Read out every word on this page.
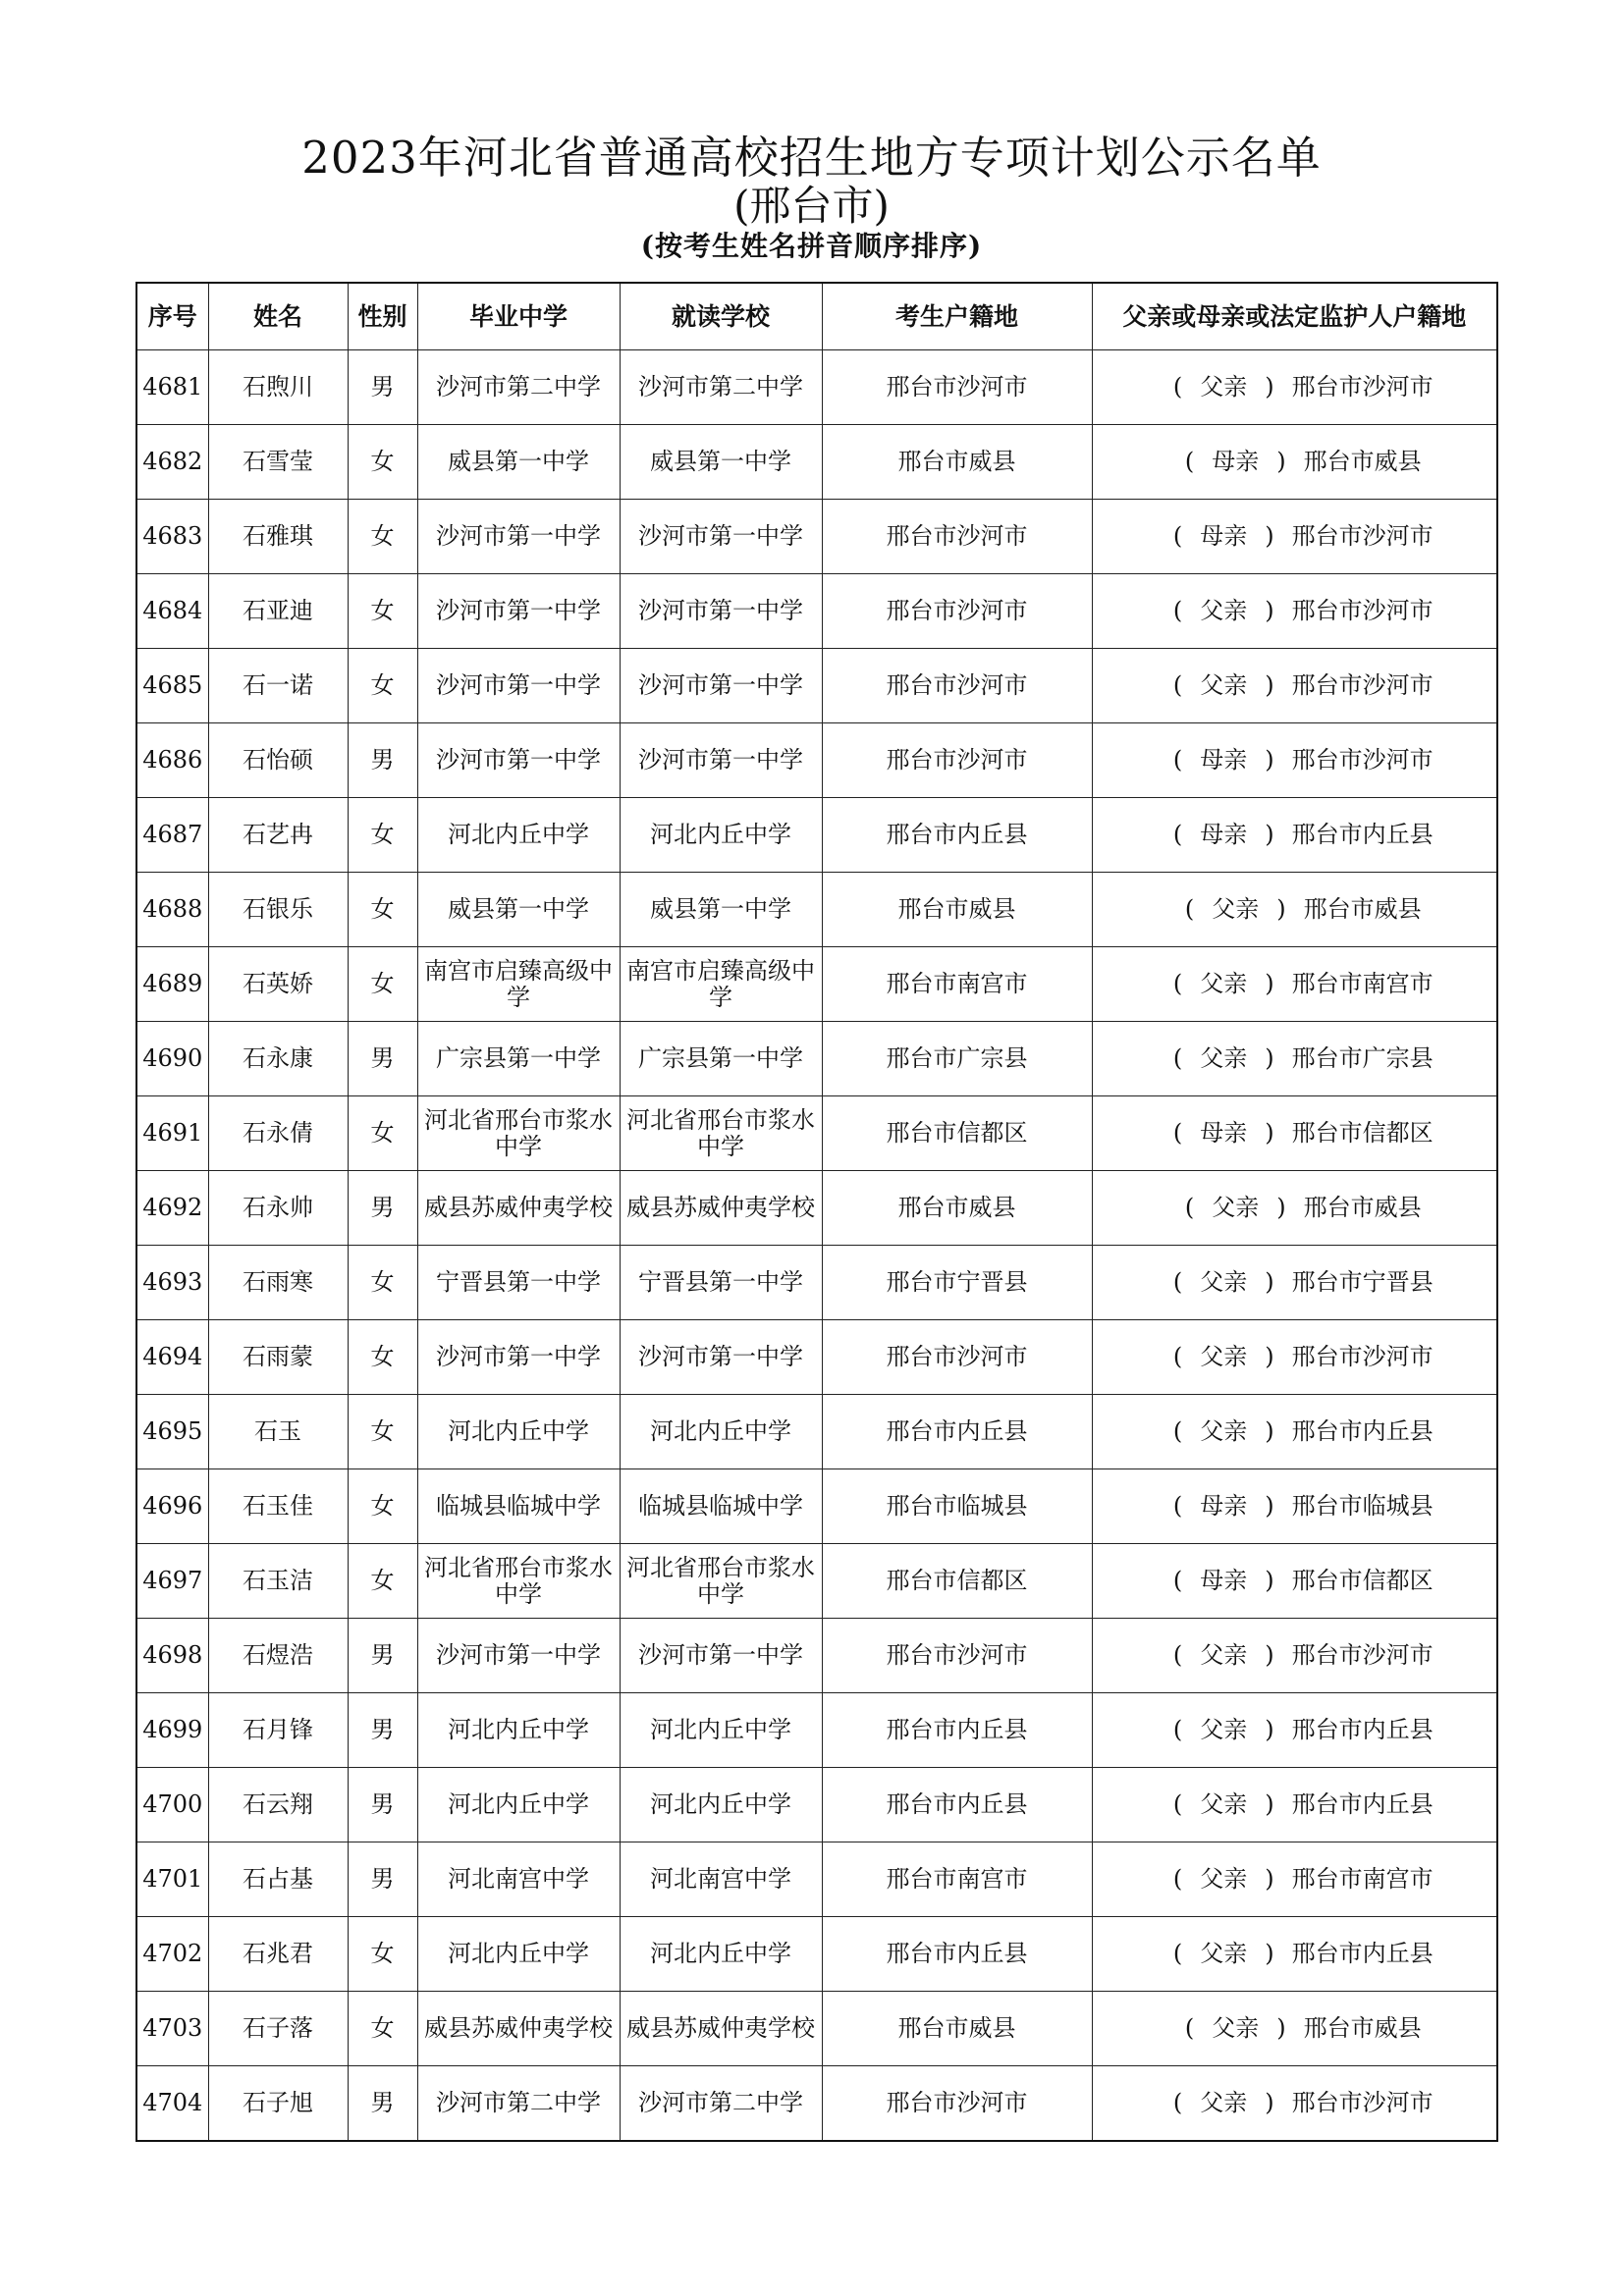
2023年河北省普通高校招生地方专项计划公示名单
(邢台市)
(按考生姓名拼音顺序排序)
序号	姓名	性别	毕业中学	就读学校	考生户籍地	父亲或母亲或法定监护人户籍地
4681	石煦川	男	沙河市第二中学	沙河市第二中学	邢台市沙河市	( 父亲 ) 邢台市沙河市
4682	石雪莹	女	威县第一中学	威县第一中学	邢台市威县	( 母亲 ) 邢台市威县
4683	石雅琪	女	沙河市第一中学	沙河市第一中学	邢台市沙河市	( 母亲 ) 邢台市沙河市
4684	石亚迪	女	沙河市第一中学	沙河市第一中学	邢台市沙河市	( 父亲 ) 邢台市沙河市
4685	石一诺	女	沙河市第一中学	沙河市第一中学	邢台市沙河市	( 父亲 ) 邢台市沙河市
4686	石怡硕	男	沙河市第一中学	沙河市第一中学	邢台市沙河市	( 母亲 ) 邢台市沙河市
4687	石艺冉	女	河北内丘中学	河北内丘中学	邢台市内丘县	( 母亲 ) 邢台市内丘县
4688	石银乐	女	威县第一中学	威县第一中学	邢台市威县	( 父亲 ) 邢台市威县
4689	石英娇	女	南宫市启臻高级中学	南宫市启臻高级中学	邢台市南宫市	( 父亲 ) 邢台市南宫市
4690	石永康	男	广宗县第一中学	广宗县第一中学	邢台市广宗县	( 父亲 ) 邢台市广宗县
4691	石永倩	女	河北省邢台市浆水中学	河北省邢台市浆水中学	邢台市信都区	( 母亲 ) 邢台市信都区
4692	石永帅	男	威县苏威仲夷学校	威县苏威仲夷学校	邢台市威县	( 父亲 ) 邢台市威县
4693	石雨寒	女	宁晋县第一中学	宁晋县第一中学	邢台市宁晋县	( 父亲 ) 邢台市宁晋县
4694	石雨蒙	女	沙河市第一中学	沙河市第一中学	邢台市沙河市	( 父亲 ) 邢台市沙河市
4695	石玉	女	河北内丘中学	河北内丘中学	邢台市内丘县	( 父亲 ) 邢台市内丘县
4696	石玉佳	女	临城县临城中学	临城县临城中学	邢台市临城县	( 母亲 ) 邢台市临城县
4697	石玉洁	女	河北省邢台市浆水中学	河北省邢台市浆水中学	邢台市信都区	( 母亲 ) 邢台市信都区
4698	石煜浩	男	沙河市第一中学	沙河市第一中学	邢台市沙河市	( 父亲 ) 邢台市沙河市
4699	石月锋	男	河北内丘中学	河北内丘中学	邢台市内丘县	( 父亲 ) 邢台市内丘县
4700	石云翔	男	河北内丘中学	河北内丘中学	邢台市内丘县	( 父亲 ) 邢台市内丘县
4701	石占基	男	河北南宫中学	河北南宫中学	邢台市南宫市	( 父亲 ) 邢台市南宫市
4702	石兆君	女	河北内丘中学	河北内丘中学	邢台市内丘县	( 父亲 ) 邢台市内丘县
4703	石子落	女	威县苏威仲夷学校	威县苏威仲夷学校	邢台市威县	( 父亲 ) 邢台市威县
4704	石子旭	男	沙河市第二中学	沙河市第二中学	邢台市沙河市	( 父亲 ) 邢台市沙河市
